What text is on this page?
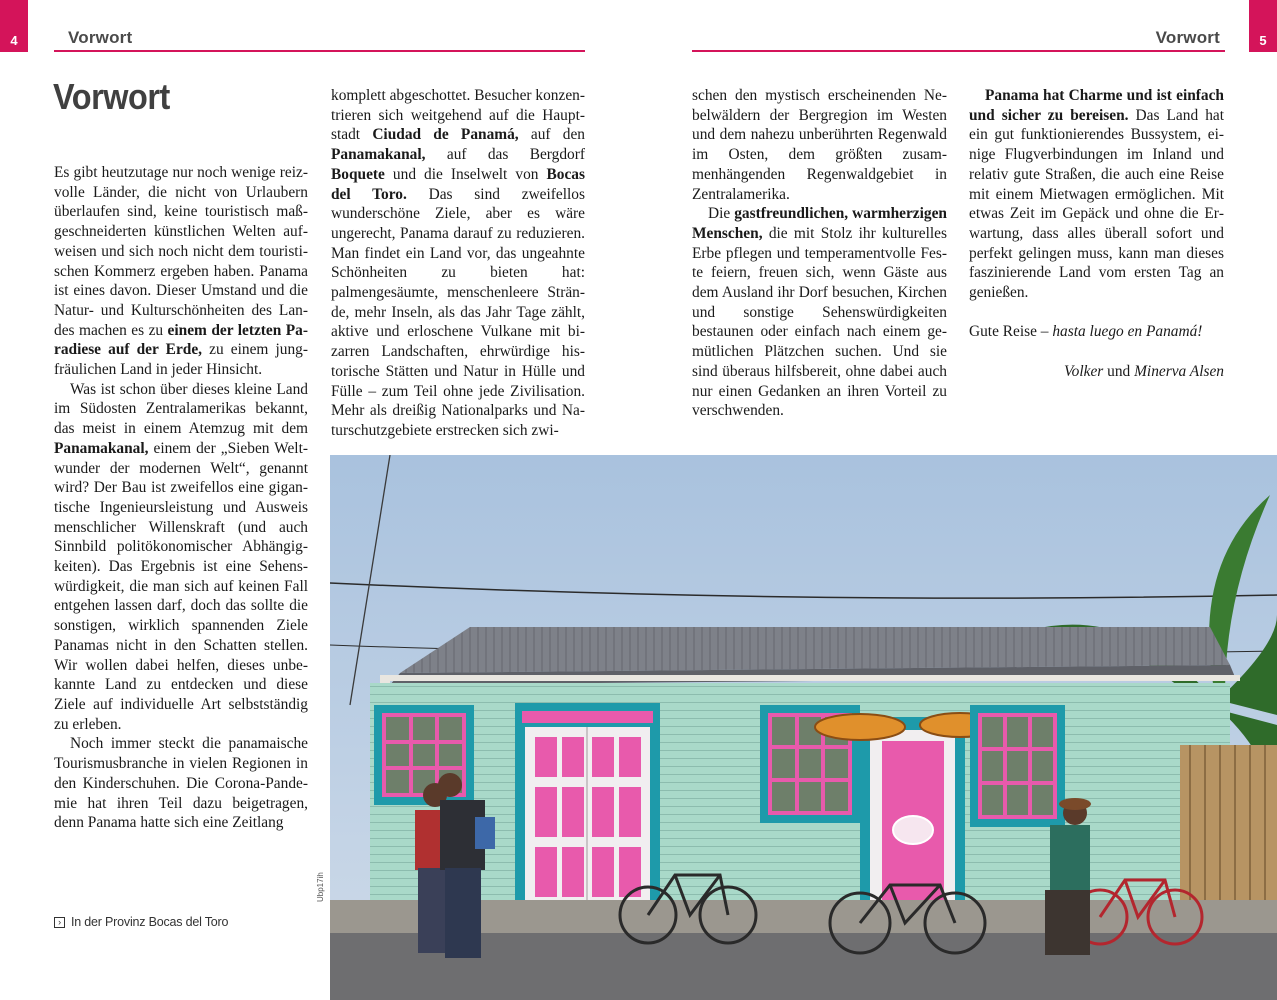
4	Vorwort	Vorwort	5
Vorwort

Es gibt heutzutage nur noch wenige reizvolle Länder, die nicht von Urlaubern überlaufen sind, keine touristisch maßgeschneiderten künstlichen Welten aufweisen und sich noch nicht dem touristischen Kommerz ergeben haben. Panama ist eines davon. Dieser Umstand und die Natur- und Kulturschönheiten des Landes machen es zu einem der letzten Paradiese auf der Erde, zu einem jungfräulichen Land in jeder Hinsicht.

Was ist schon über dieses kleine Land im Südosten Zentralamerikas bekannt, das meist in einem Atemzug mit dem Panamakanal, einem der „Sieben Weltwunder der modernen Welt“, genannt wird? Der Bau ist zweifellos eine gigantische Ingenieursleistung und Ausweis menschlicher Willenskraft (und auch Sinnbild politökonomischer Abhängigkeiten). Das Ergebnis ist eine Sehenswürdigkeit, die man sich auf keinen Fall entgehen lassen darf, doch das sollte die sonstigen, wirklich spannenden Ziele Panamas nicht in den Schatten stellen. Wir wollen dabei helfen, dieses unbekannte Land zu entdecken und diese Ziele auf individuelle Art selbstständig zu erleben.

Noch immer steckt die panamaische Tourismusbranche in vielen Regionen in den Kinderschuhen. Die Corona-Pandemie hat ihren Teil dazu beigetragen, denn Panama hatte sich eine Zeitlang

komplett abgeschottet. Besucher konzentrieren sich weitgehend auf die Hauptstadt Ciudad de Panamá, auf den Panamakanal, auf das Bergdorf Boquete und die Inselwelt von Bocas del Toro. Das sind zweifellos wunderschöne Ziele, aber es wäre ungerecht, Panama darauf zu reduzieren. Man findet ein Land vor, das ungeahnte Schönheiten zu bieten hat: palmengesäumte, menschenleere Strände, mehr Inseln, als das Jahr Tage zählt, aktive und erloschene Vulkane mit bizarren Landschaften, ehrwürdige historische Stätten und Natur in Hülle und Fülle – zum Teil ohne jede Zivilisation. Mehr als dreißig Nationalparks und Naturschutzgebiete erstrecken sich zwi-

schen den mystisch erscheinenden Nebelwäldern der Bergregion im Westen und dem nahezu unberührten Regenwald im Osten, dem größten zusammenhängenden Regenwaldgebiet in Zentralamerika.

Die gastfreundlichen, warmherzigen Menschen, die mit Stolz ihr kulturelles Erbe pflegen und temperamentvolle Feste feiern, freuen sich, wenn Gäste aus dem Ausland ihr Dorf besuchen, Kirchen und sonstige Sehenswürdigkeiten bestaunen oder einfach nach einem gemütlichen Plätzchen suchen. Und sie sind überaus hilfsbereit, ohne dabei auch nur einen Gedanken an ihren Vorteil zu verschwenden.

Panama hat Charme und ist einfach und sicher zu bereisen. Das Land hat ein gut funktionierendes Bussystem, einige Flugverbindungen im Inland und relativ gute Straßen, die auch eine Reise mit einem Mietwagen ermöglichen. Mit etwas Zeit im Gepäck und ohne die Erwartung, dass alles überall sofort und perfekt gelingen muss, kann man dieses faszinierende Land vom ersten Tag an genießen.

Gute Reise – hasta luego en Panamá!

Volker und Minerva Alsen

› In der Provinz Bocas del Toro
Ubp17ih
